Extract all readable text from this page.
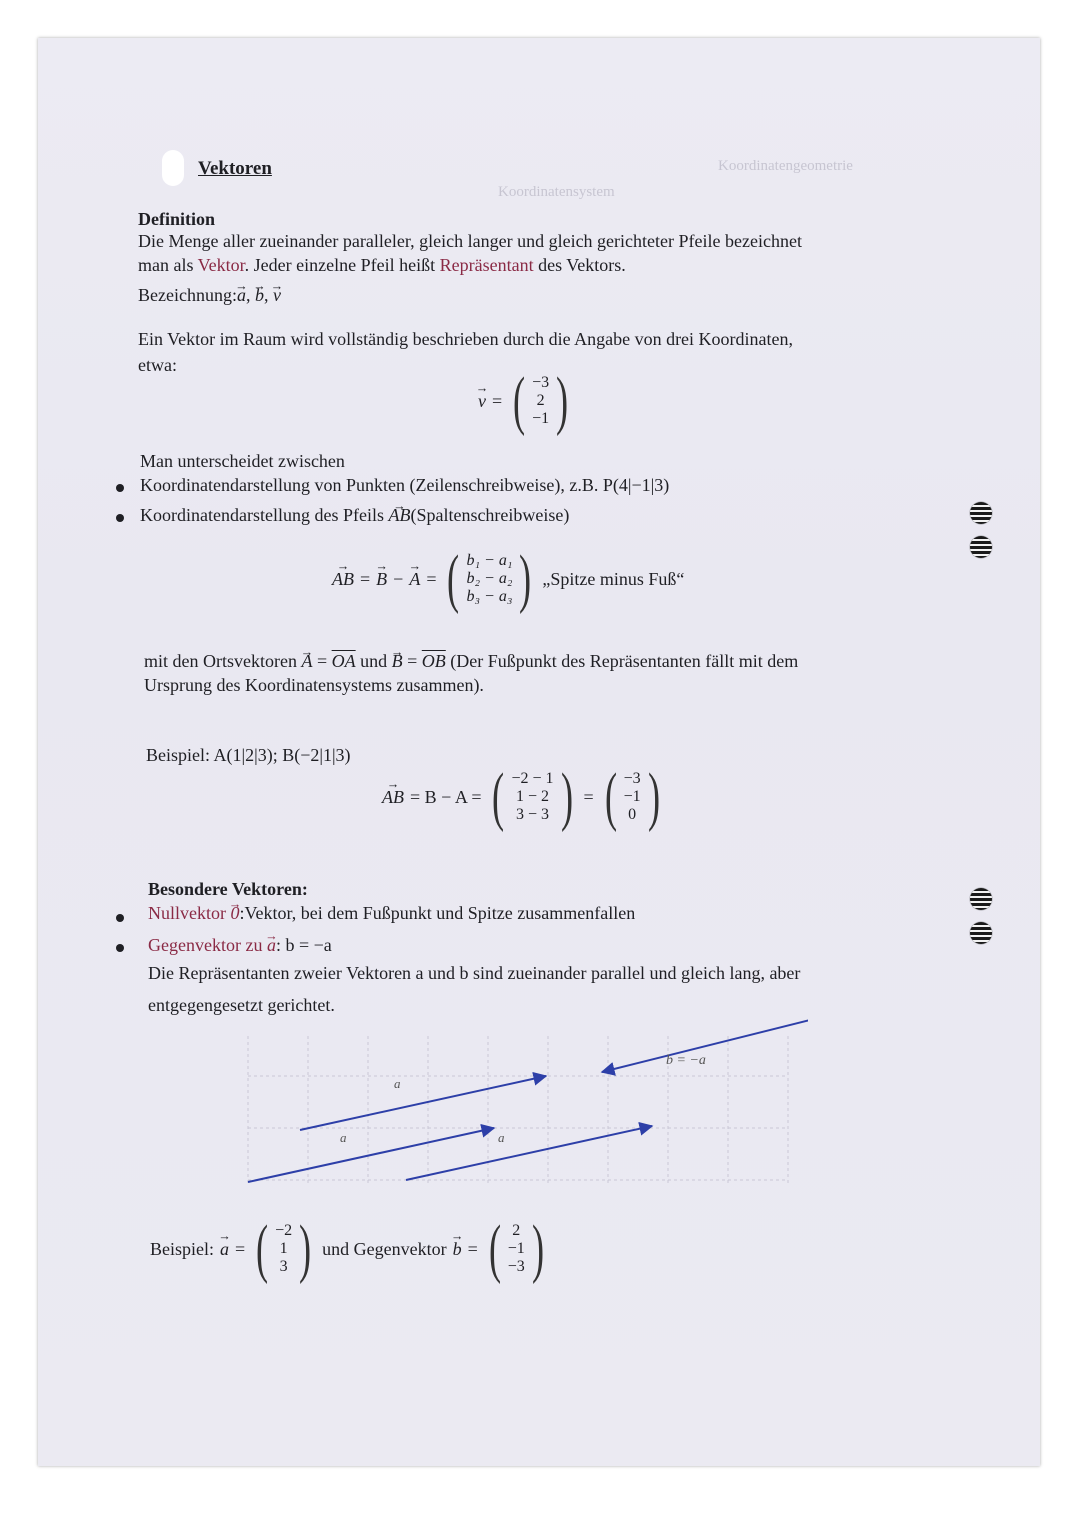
Vektoren	Koordinatengeometrie
Koordinatensystem
Definition
Die Menge aller zueinander paralleler, gleich langer und gleich gerichteter Pfeile bezeichnet
man als Vektor. Jeder einzelne Pfeil heißt Repräsentant des Vektors.
Bezeichnung:→ a, → b, → v
Ein Vektor im Raum wird vollständig beschrieben durch die Angabe von drei Koordinaten,
etwa:
→ v = ( −3
2
−1 )
Man unterscheidet zwischen
Koordinatendarstellung von Punkten (Zeilenschreibweise), z.B. P(4|−1|3)
Koordinatendarstellung des Pfeils → AB(Spaltenschreibweise)
→ AB = → B − → A = ( b₁ − a₁
b₂ − a₂
b₃ − a₃ ) „Spitze minus Fuß“
mit den Ortsvektoren → $A = \overline{OA}$ und → $B = \overline{OB}$ (Der Fußpunkt des Repräsentanten fällt mit dem
Ursprung des Koordinatensystems zusammen).
Beispiel: A(1|2|3); B(−2|1|3)
→ AB = B − A = ( −2 − 1
1 − 2
3 − 3 ) = ( −3
−1
0 )
Besondere Vektoren:
Nullvektor → 0:Vektor, bei dem Fußpunkt und Spitze zusammenfallen
Gegenvektor zu → a: b = −a
Die Repräsentanten zweier Vektoren a und b sind zueinander parallel und gleich lang, aber
entgegengesetzt gerichtet.
a
a	a
b = −a
Beispiel: → a = ( −2
1
3 ) und Gegenvektor → b = ( 2
−1
−3 )
